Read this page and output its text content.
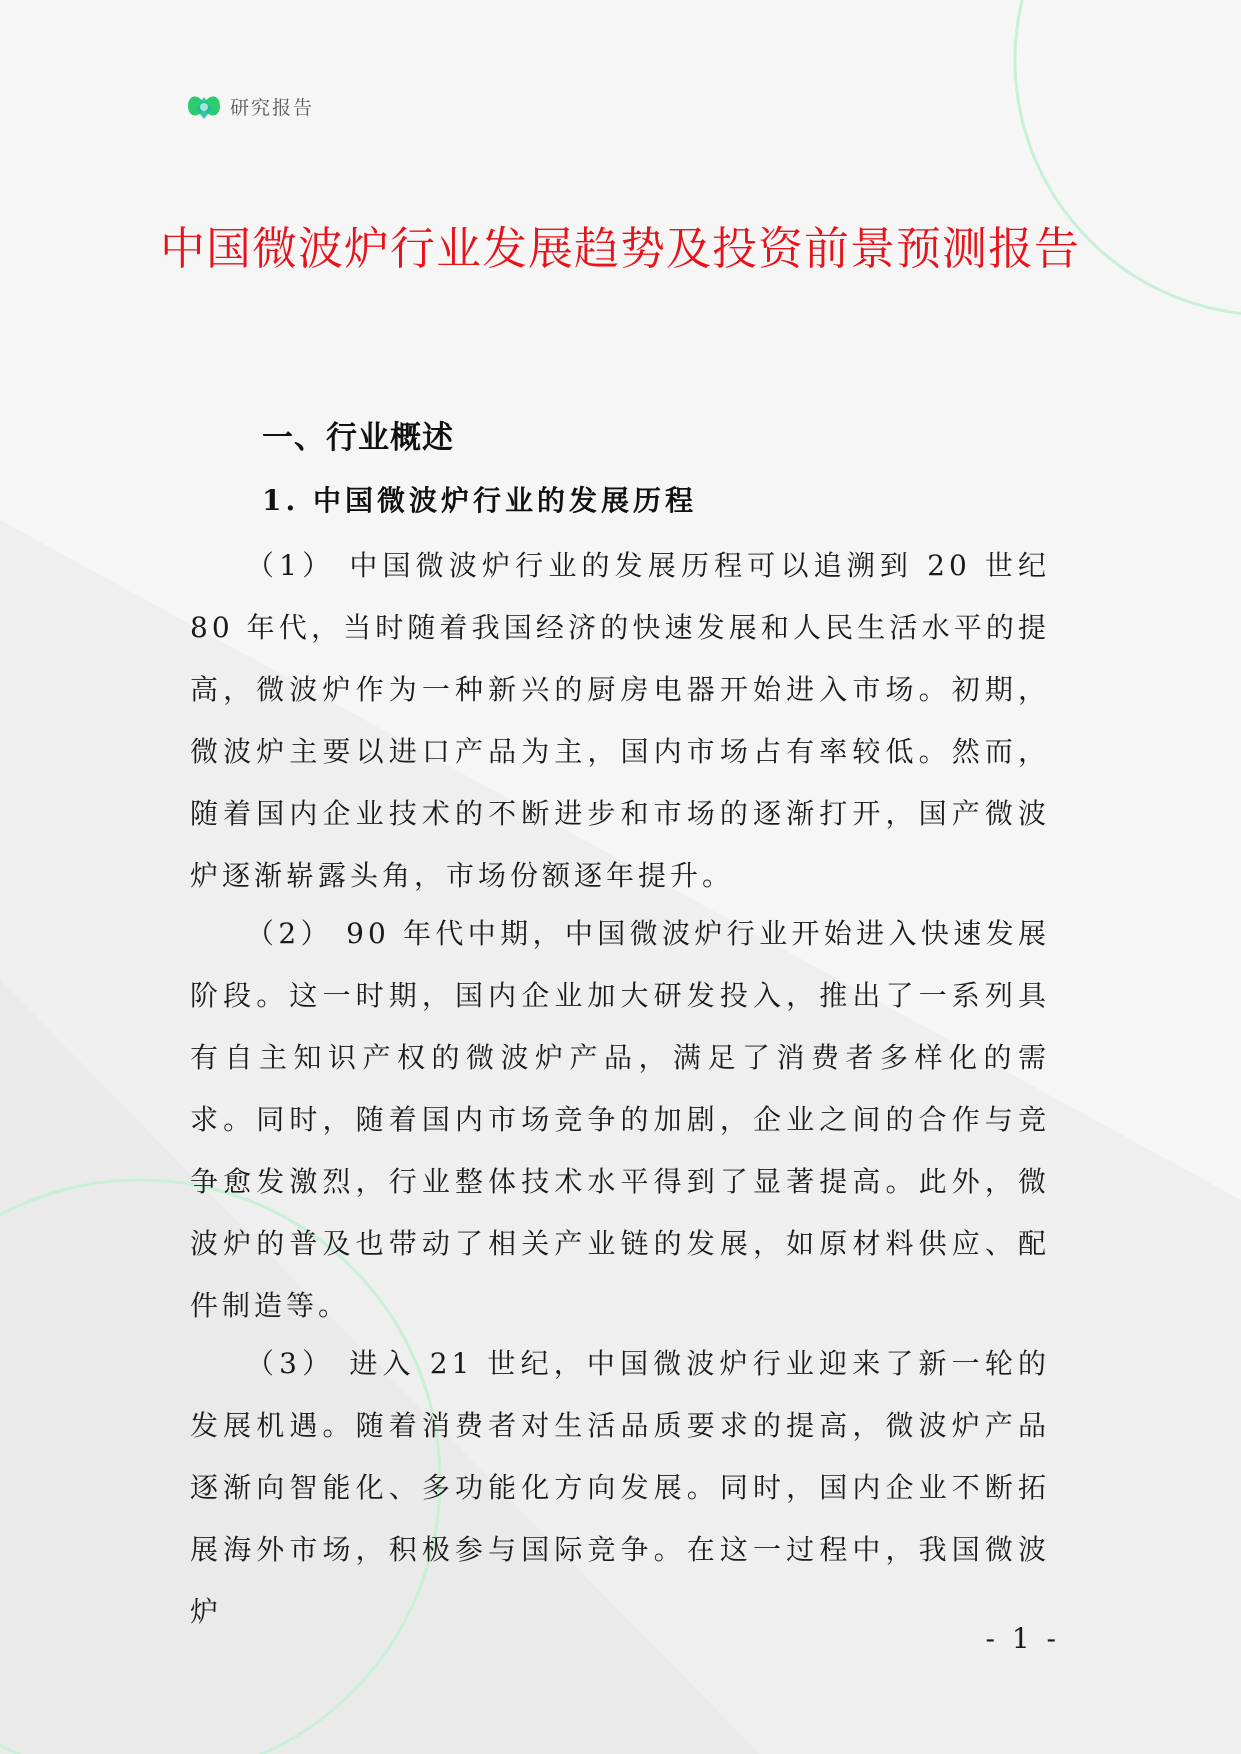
研究报告
中国微波炉行业发展趋势及投资前景预测报告
一、行业概述
1. 中国微波炉行业的发展历程

（1） 中国微波炉行业的发展历程可以追溯到 20 世纪 80 年代，当时随着我国经济的快速发展和人民生活水平的提高，微波炉作为一种新兴的厨房电器开始进入市场。初期，微波炉主要以进口产品为主，国内市场占有率较低。然而，随着国内企业技术的不断进步和市场的逐渐打开，国产微波炉逐渐崭露头角，市场份额逐年提升。

（2） 90 年代中期，中国微波炉行业开始进入快速发展阶段。这一时期，国内企业加大研发投入，推出了一系列具有自主知识产权的微波炉产品，满足了消费者多样化的需求。同时，随着国内市场竞争的加剧，企业之间的合作与竞争愈发激烈，行业整体技术水平得到了显著提高。此外，微波炉的普及也带动了相关产业链的发展，如原材料供应、配件制造等。

（3） 进入 21 世纪，中国微波炉行业迎来了新一轮的发展机遇。随着消费者对生活品质要求的提高，微波炉产品逐渐向智能化、多功能化方向发展。同时，国内企业不断拓展海外市场，积极参与国际竞争。在这一过程中，我国微波炉

- 1 -
